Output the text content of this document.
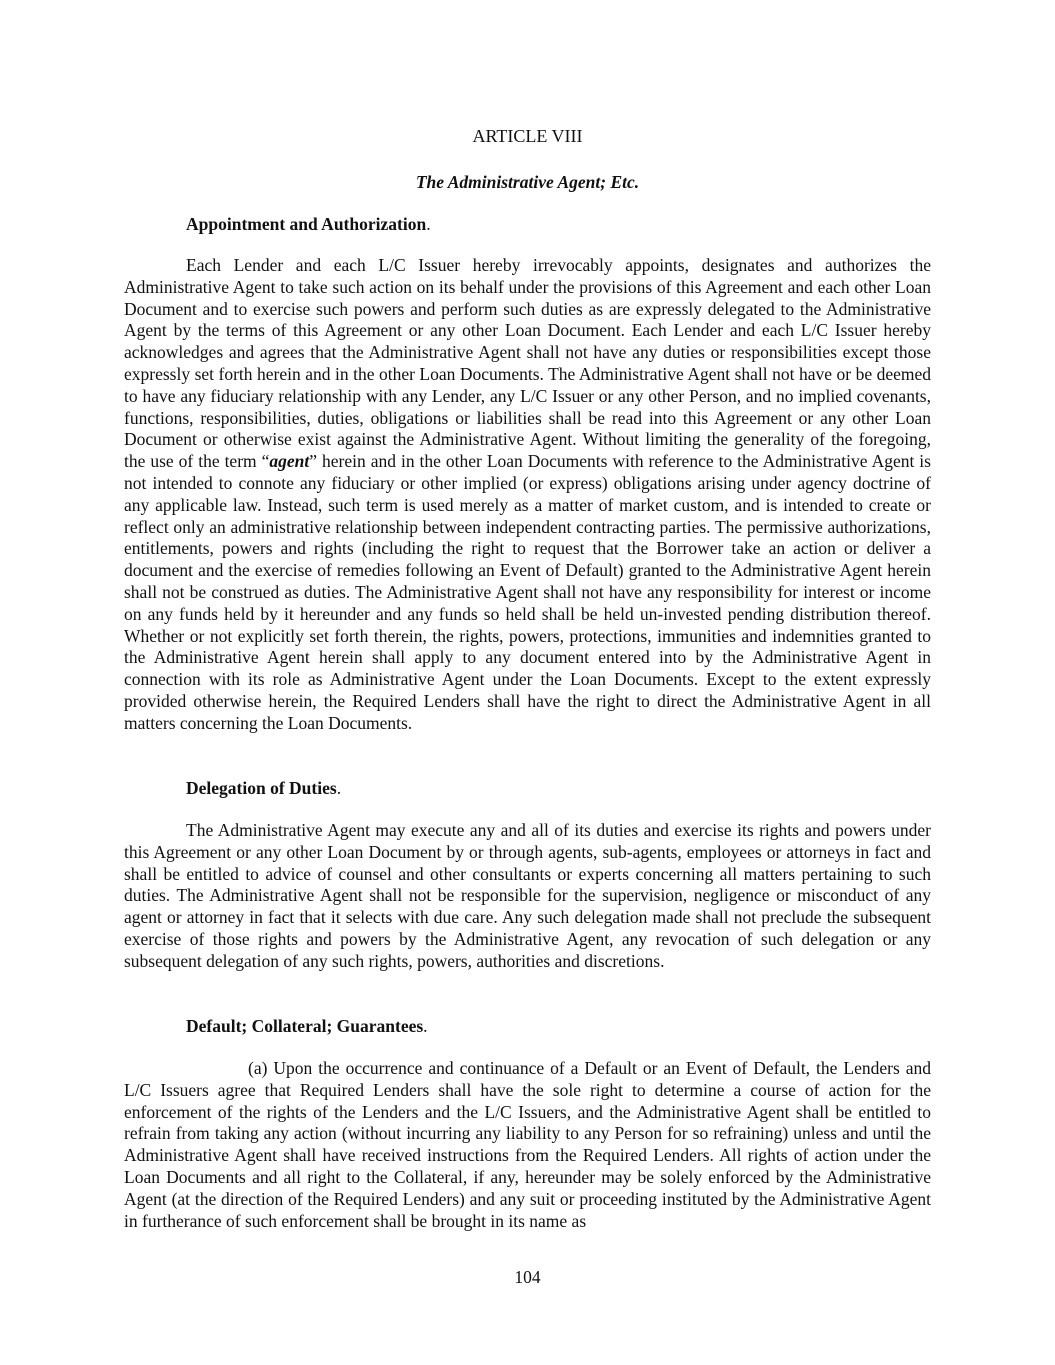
ARTICLE VIII
The Administrative Agent; Etc.
Appointment and Authorization.
Each Lender and each L/C Issuer hereby irrevocably appoints, designates and authorizes the Administrative Agent to take such action on its behalf under the provisions of this Agreement and each other Loan Document and to exercise such powers and perform such duties as are expressly delegated to the Administrative Agent by the terms of this Agreement or any other Loan Document. Each Lender and each L/C Issuer hereby acknowledges and agrees that the Administrative Agent shall not have any duties or responsibilities except those expressly set forth herein and in the other Loan Documents. The Administrative Agent shall not have or be deemed to have any fiduciary relationship with any Lender, any L/C Issuer or any other Person, and no implied covenants, functions, responsibilities, duties, obligations or liabilities shall be read into this Agreement or any other Loan Document or otherwise exist against the Administrative Agent. Without limiting the generality of the foregoing, the use of the term “agent” herein and in the other Loan Documents with reference to the Administrative Agent is not intended to connote any fiduciary or other implied (or express) obligations arising under agency doctrine of any applicable law. Instead, such term is used merely as a matter of market custom, and is intended to create or reflect only an administrative relationship between independent contracting parties. The permissive authorizations, entitlements, powers and rights (including the right to request that the Borrower take an action or deliver a document and the exercise of remedies following an Event of Default) granted to the Administrative Agent herein shall not be construed as duties. The Administrative Agent shall not have any responsibility for interest or income on any funds held by it hereunder and any funds so held shall be held un-invested pending distribution thereof. Whether or not explicitly set forth therein, the rights, powers, protections, immunities and indemnities granted to the Administrative Agent herein shall apply to any document entered into by the Administrative Agent in connection with its role as Administrative Agent under the Loan Documents. Except to the extent expressly provided otherwise herein, the Required Lenders shall have the right to direct the Administrative Agent in all matters concerning the Loan Documents.
Delegation of Duties.
The Administrative Agent may execute any and all of its duties and exercise its rights and powers under this Agreement or any other Loan Document by or through agents, sub-agents, employees or attorneys in fact and shall be entitled to advice of counsel and other consultants or experts concerning all matters pertaining to such duties. The Administrative Agent shall not be responsible for the supervision, negligence or misconduct of any agent or attorney in fact that it selects with due care. Any such delegation made shall not preclude the subsequent exercise of those rights and powers by the Administrative Agent, any revocation of such delegation or any subsequent delegation of any such rights, powers, authorities and discretions.
Default; Collateral; Guarantees.
(a) Upon the occurrence and continuance of a Default or an Event of Default, the Lenders and L/C Issuers agree that Required Lenders shall have the sole right to determine a course of action for the enforcement of the rights of the Lenders and the L/C Issuers, and the Administrative Agent shall be entitled to refrain from taking any action (without incurring any liability to any Person for so refraining) unless and until the Administrative Agent shall have received instructions from the Required Lenders. All rights of action under the Loan Documents and all right to the Collateral, if any, hereunder may be solely enforced by the Administrative Agent (at the direction of the Required Lenders) and any suit or proceeding instituted by the Administrative Agent in furtherance of such enforcement shall be brought in its name as
104
